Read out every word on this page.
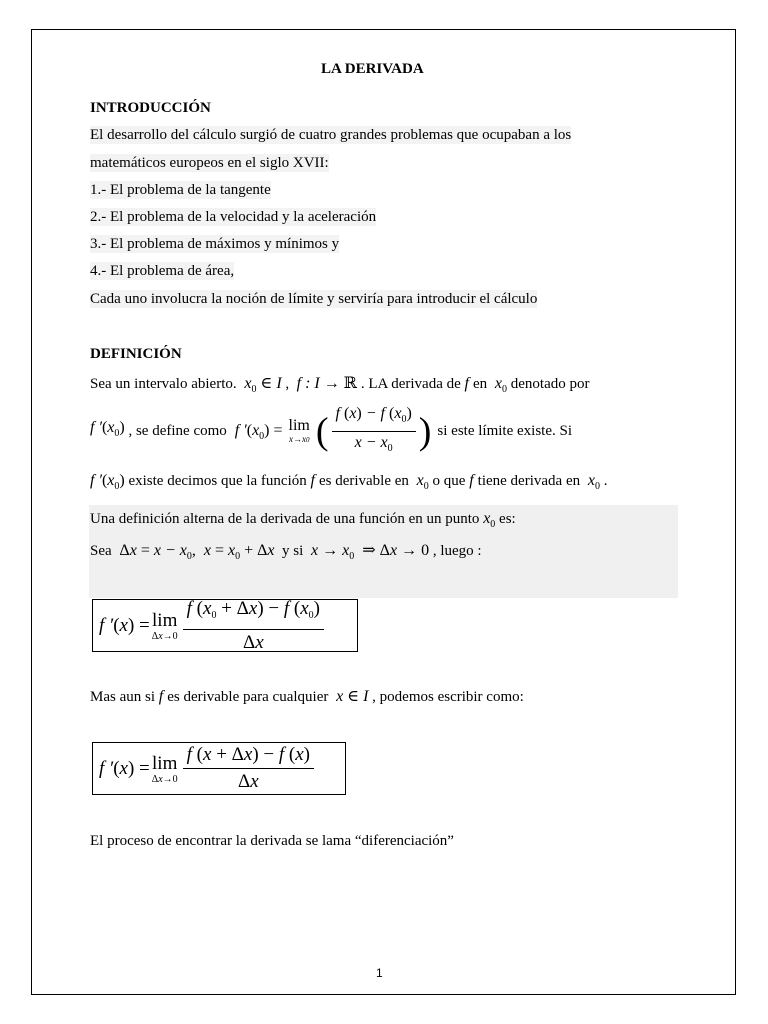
LA DERIVADA
INTRODUCCIÓN
El desarrollo del cálculo surgió de cuatro grandes problemas que ocupaban a los
matemáticos europeos en el siglo XVII:
1.- El problema de la tangente
2.- El problema de la velocidad y la aceleración
3.- El problema de máximos y mínimos y
4.- El problema de área,
Cada uno involucra la noción de límite y serviría para introducir el cálculo
DEFINICIÓN
Sea un intervalo abierto.  $x_0$ ∈ I ,  f : I → ℝ . LA derivada de f en  $x_0$ denotado por
f $'(x_0)$ , se define como f $'(x_0) = \lim$
x→x0 ( $\frac{f (x) - f (x_0)}{x - x_0}$ ) si este límite existe. Si
f $'(x_0)$ existe decimos que la función f es derivable en  $x_0$ o que f tiene derivada en  $x_0$ .
Una definición alterna de la derivada de una función en un punto $x_0$ es:
Sea  $\Delta x = x - x_0$,  $x = x_0 + \Delta x$  y si  $x \to x_0$ ⇒ Δx → 0 , luego :
f ′(x) = lim
$\Delta x\to 0 \frac{f (x_0 + \Delta x) - f (x_0)}{\Delta x}$
Mas aun si f es derivable para cualquier  x ∈ I , podemos escribir como:
f ′(x) = lim
$\Delta x\to 0 \frac{f (x + \Delta x) - f (x)}{\Delta x}$
El proceso de encontrar la derivada se lama “diferenciación”
1
